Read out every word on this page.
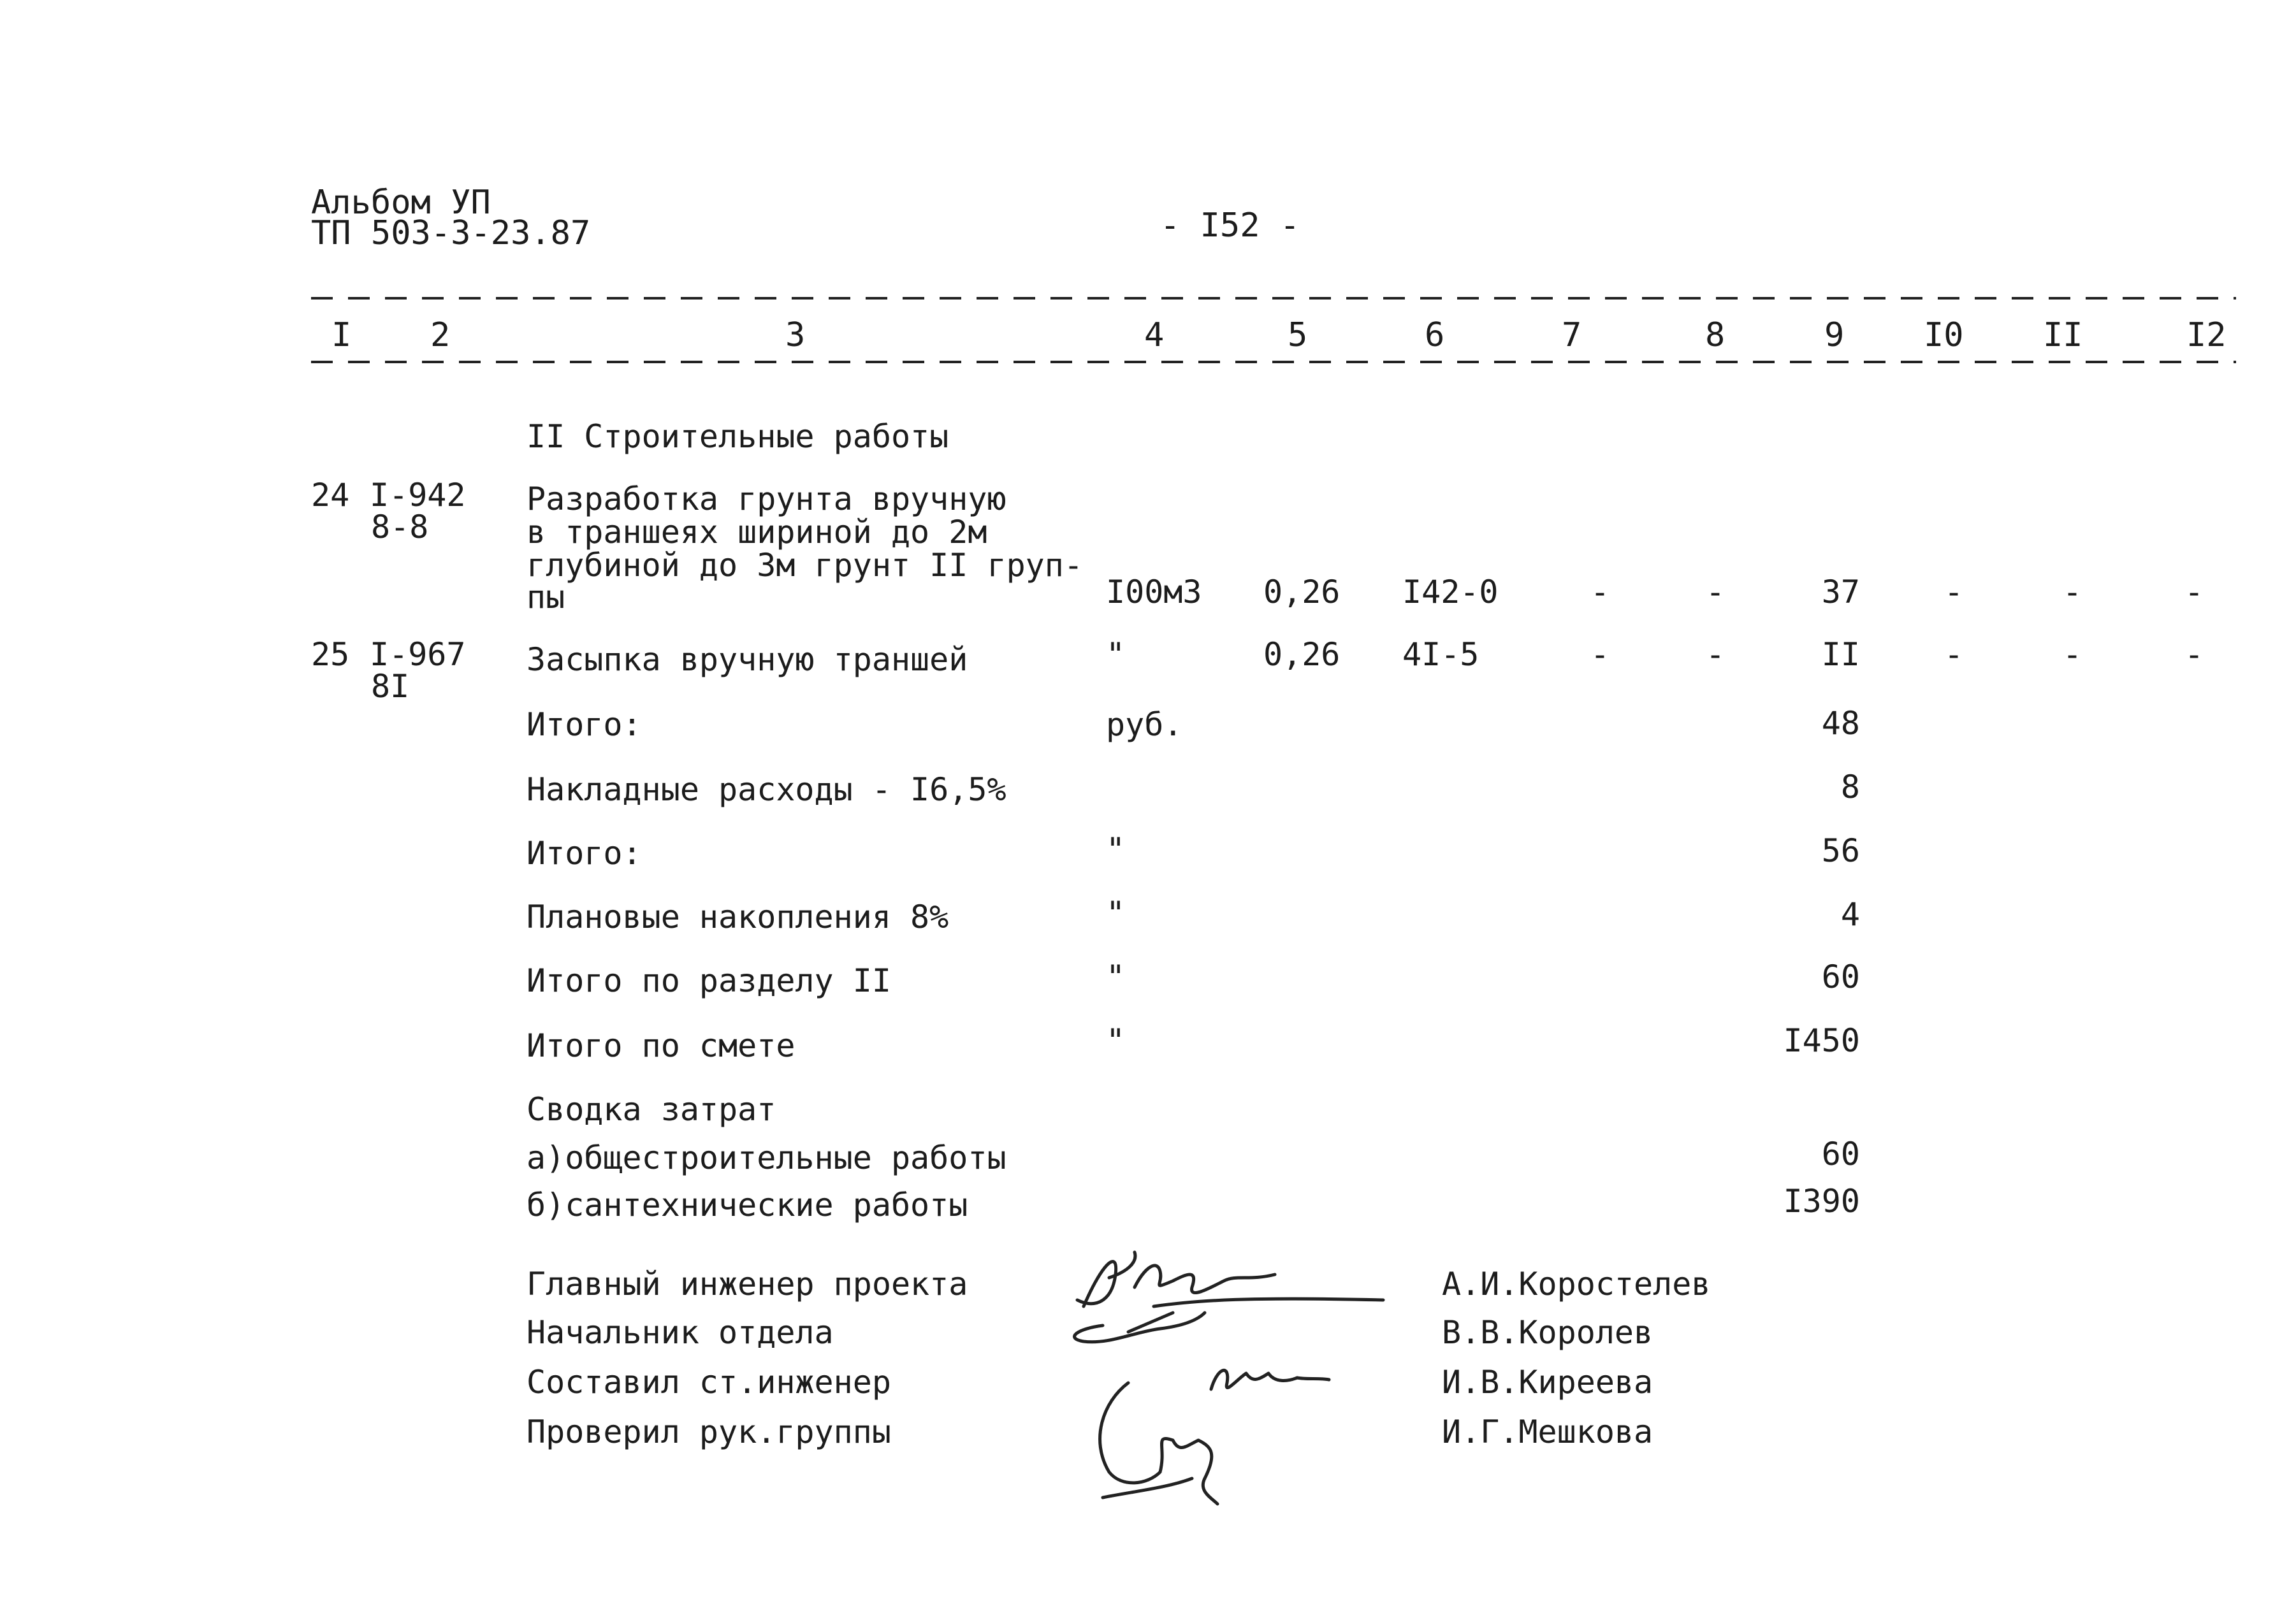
Альбом УП
ТП 503-3-23.87	- I52 -
I 2	3	4	5	6	7	8	9 I0 II	I2
II Строительные работы
24 I-942
8-8
Разработка грунта вручную
в траншеях шириной до 2м
глубиной до 3м грунт II груп-
пы	I00м3 0,26 I42-0	-	-	37	-	-	-
25 I-967
8I
Засыпка вручную траншей	"	0,26 4I-5	-	-	II	-	-	-
Итого:	руб.	48
Накладные расходы - I6,5%	8
Итого:	"	56
Плановые накопления 8%	"	4
Итого по разделу II	"	60
Итого по смете	"	I450
Сводка затрат
а)общестроительные работы	60
б)сантехнические работы	I390
Главный инженер проекта	А.И.Коростелев
Начальник отдела	В.В.Королев
Составил ст.инженер	И.В.Киреева
Проверил рук.группы	И.Г.Мешкова
